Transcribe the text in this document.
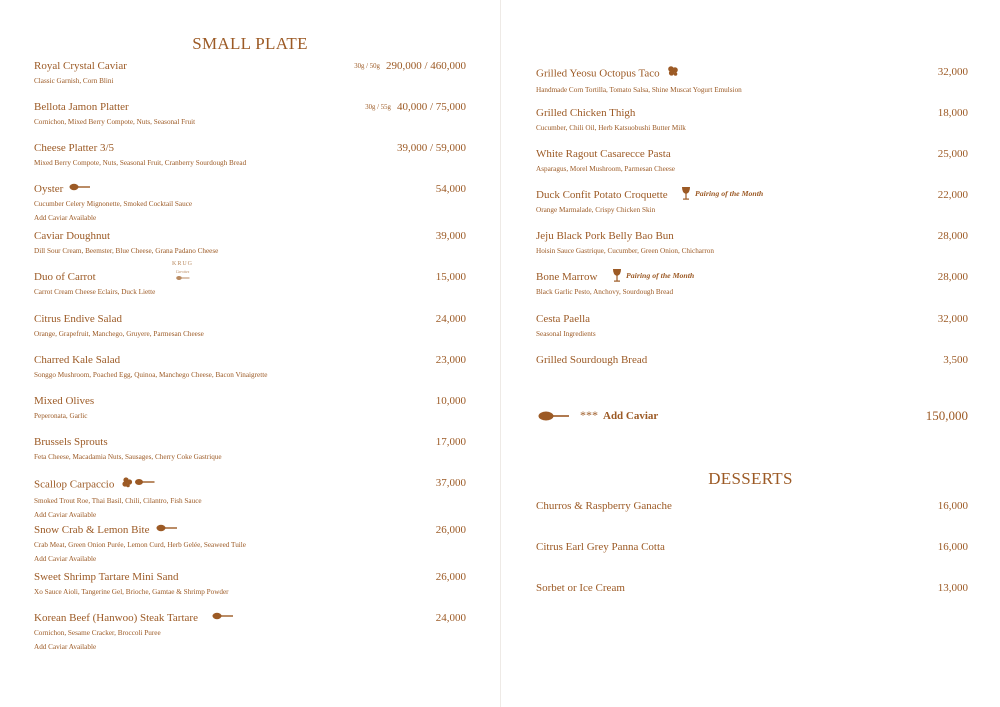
SMALL PLATE
Royal Crystal Caviar
Classic Garnish, Corn Blini
30g / 50g 290,000 / 460,000
Bellota Jamon Platter
Cornichon, Mixed Berry Compote, Nuts, Seasonal Fruit
30g / 55g 40,000 / 75,000
Cheese Platter 3/5
Mixed Berry Compote, Nuts, Seasonal Fruit, Cranberry Sourdough Bread
39,000 / 59,000
Oyster
Cucumber Celery Mignonette, Smoked Cocktail Sauce
Add Caviar Available
54,000
Caviar Doughnut
Dill Sour Cream, Beemster, Blue Cheese, Grana Padano Cheese
39,000
Duo of Carrot
Carrot Cream Cheese Eclairs, Duck Liette
KRUG
Carottes	15,000
Citrus Endive Salad
Orange, Grapefruit, Manchego, Gruyere, Parmesan Cheese
24,000
Charred Kale Salad
Songgo Mushroom, Poached Egg, Quinoa, Manchego Cheese, Bacon Vinaigrette
23,000
Mixed Olives
Peperonata, Garlic
10,000
Brussels Sprouts
Feta Cheese, Macadamia Nuts, Sausages, Cherry Coke Gastrique
17,000
Scallop Carpaccio
Smoked Trout Roe, Thai Basil, Chili, Cilantro, Fish Sauce
Add Caviar Available
37,000
Snow Crab & Lemon Bite
Crab Meat, Green Onion Purée, Lemon Curd, Herb Gelée, Seaweed Tuile
Add Caviar Available
26,000
Sweet Shrimp Tartare Mini Sand
Xo Sauce Aioli, Tangerine Gel, Brioche, Gamtae & Shrimp Powder
26,000
Korean Beef (Hanwoo) Steak Tartare
Cornichon, Sesame Cracker, Broccoli Puree
Add Caviar Available
24,000
Grilled Yeosu Octopus Taco
Handmade Corn Tortilla, Tomato Salsa, Shine Muscat Yogurt Emulsion
32,000
Grilled Chicken Thigh
Cucumber, Chili Oil, Herb Katsuobushi Butter Milk
18,000
White Ragout Casarecce Pasta
Asparagus, Morel Mushroom, Parmesan Cheese
25,000
Duck Confit Potato Croquette
Orange Marmalade, Crispy Chicken Skin
Pairing of the Month	22,000
Jeju Black Pork Belly Bao Bun
Hoisin Sauce Gastrique, Cucumber, Green Onion, Chicharron
28,000
Bone Marrow
Black Garlic Pesto, Anchovy, Sourdough Bread
Pairing of the Month	28,000
Cesta Paella
Seasonal Ingredients
32,000
Grilled Sourdough Bread	3,500
*** Add Caviar	150,000
DESSERTS
Churros & Raspberry Ganache	16,000
Citrus Earl Grey Panna Cotta	16,000
Sorbet or Ice Cream	13,000
